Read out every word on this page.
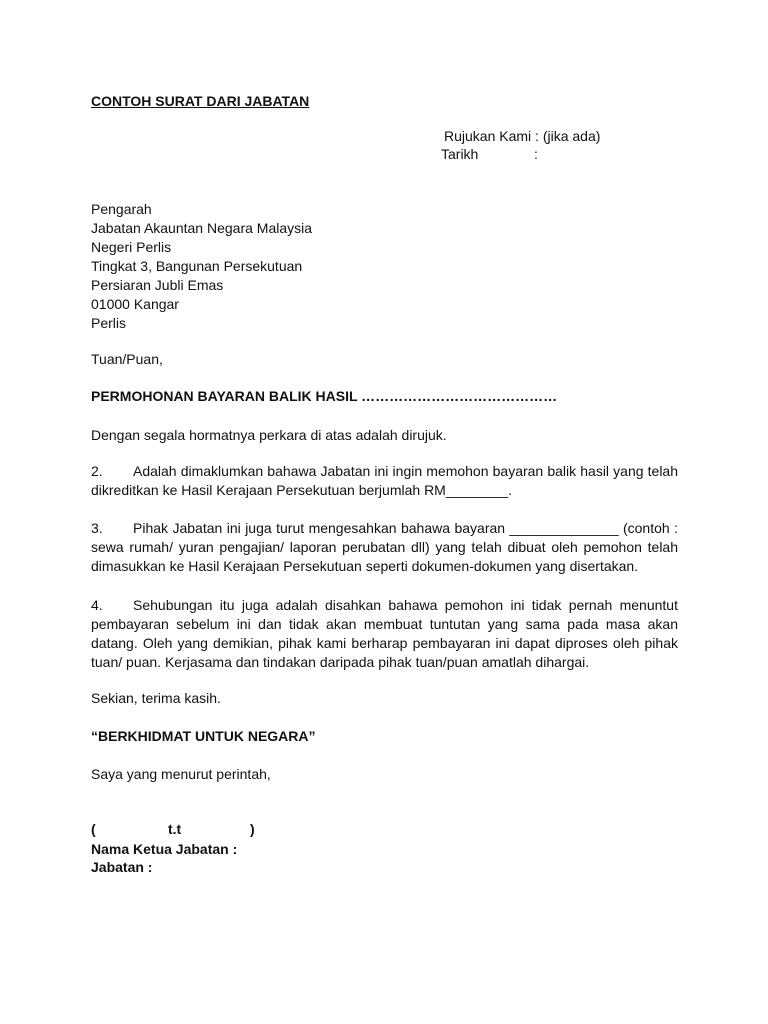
CONTOH SURAT DARI JABATAN
Rujukan Kami : (jika ada)
Tarikh	:
Pengarah
Jabatan Akauntan Negara Malaysia
Negeri Perlis
Tingkat 3, Bangunan Persekutuan
Persiaran Jubli Emas
01000 Kangar
Perlis
Tuan/Puan,
PERMOHONAN BAYARAN BALIK HASIL ……………………………………
Dengan segala hormatnya perkara di atas adalah dirujuk.
2. Adalah dimaklumkan bahawa Jabatan ini ingin memohon bayaran balik hasil yang telah
dikreditkan ke Hasil Kerajaan Persekutuan berjumlah RM________.
3. Pihak Jabatan ini juga turut mengesahkan bahawa bayaran ______________ (contoh :
sewa rumah/ yuran pengajian/ laporan perubatan dll) yang telah dibuat oleh pemohon telah
dimasukkan ke Hasil Kerajaan Persekutuan seperti dokumen-dokumen yang disertakan.
4. Sehubungan itu juga adalah disahkan bahawa pemohon ini tidak pernah menuntut
pembayaran sebelum ini dan tidak akan membuat tuntutan yang sama pada masa akan
datang. Oleh yang demikian, pihak kami berharap pembayaran ini dapat diproses oleh pihak
tuan/ puan. Kerjasama dan tindakan daripada pihak tuan/puan amatlah dihargai.
Sekian, terima kasih.
“BERKHIDMAT UNTUK NEGARA”
Saya yang menurut perintah,
(	t.t	)
Nama Ketua Jabatan :
Jabatan :
